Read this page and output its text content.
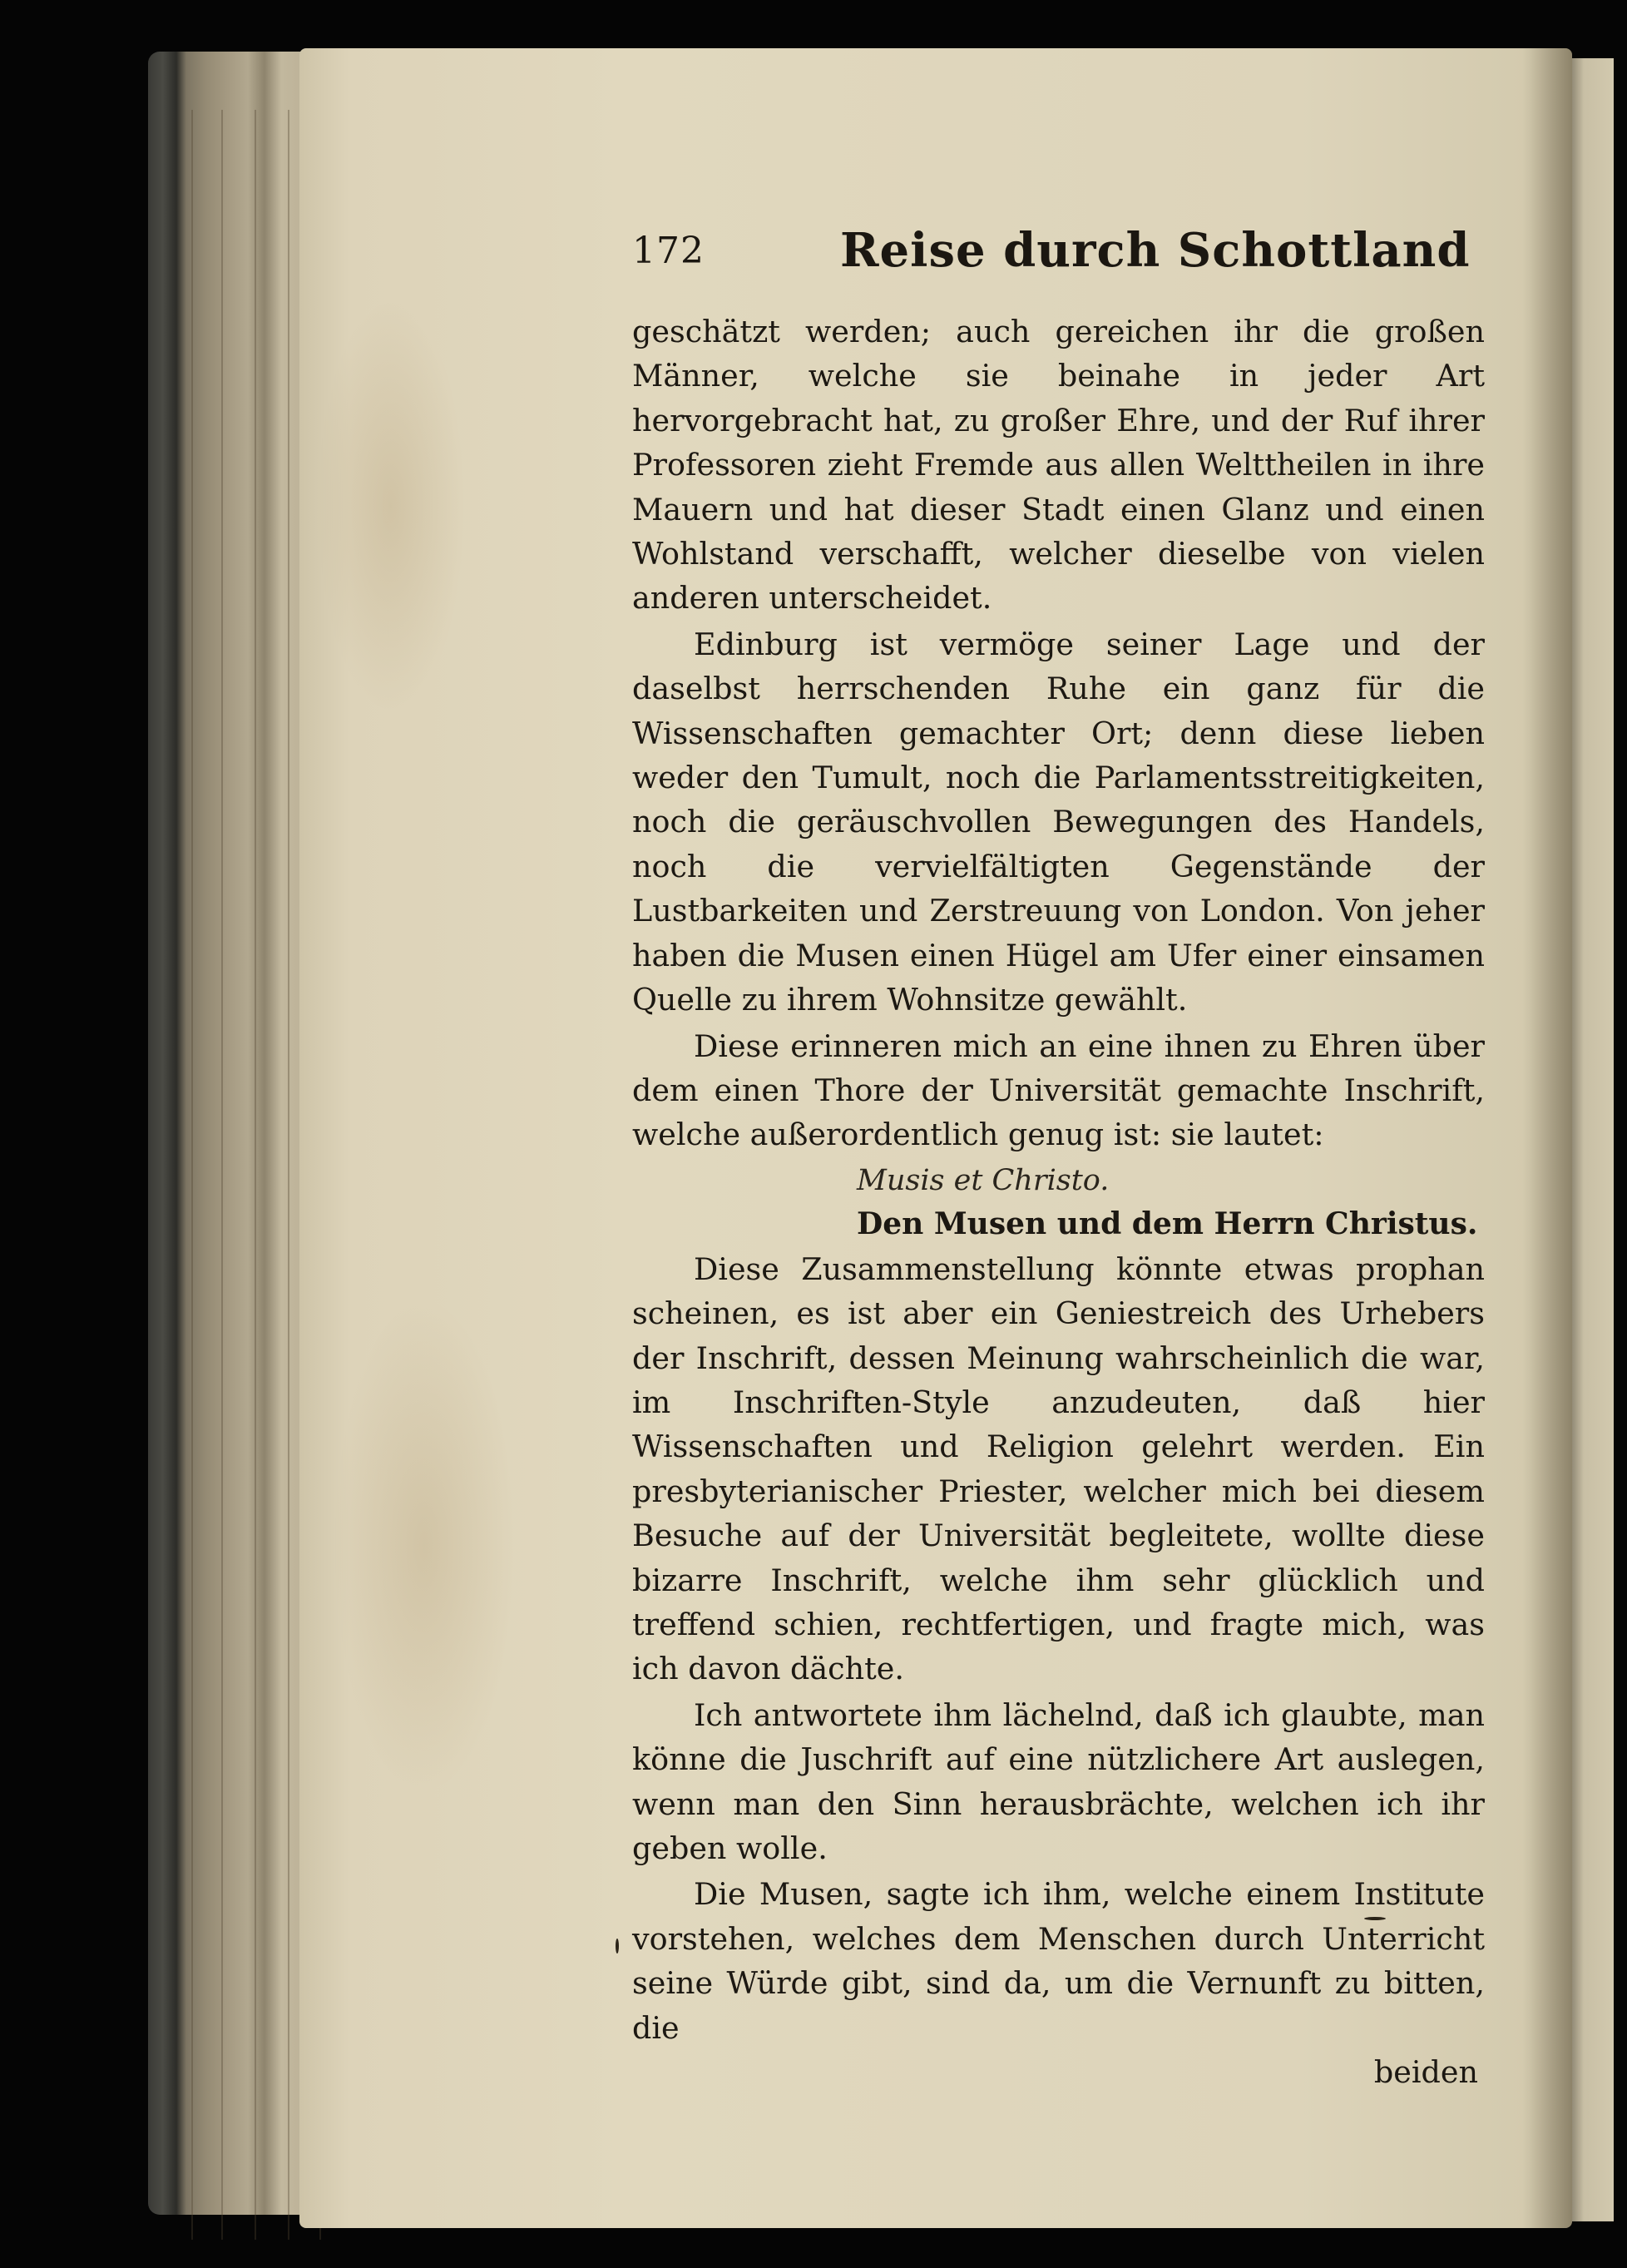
172	Reise durch Schottland

geschätzt werden; auch gereichen ihr die großen Männer, welche sie beinahe in jeder Art hervorgebracht hat, zu großer Ehre, und der Ruf ihrer Professoren zieht Fremde aus allen Welttheilen in ihre Mauern und hat dieser Stadt einen Glanz und einen Wohlstand verschafft, welcher dieselbe von vielen anderen unterscheidet.

Edinburg ist vermöge seiner Lage und der daselbst herrschenden Ruhe ein ganz für die Wissenschaften gemachter Ort; denn diese lieben weder den Tumult, noch die Parlamentsstreitigkeiten, noch die geräuschvollen Bewegungen des Handels, noch die vervielfältigten Gegenstände der Lustbarkeiten und Zerstreuung von London. Von jeher haben die Musen einen Hügel am Ufer einer einsamen Quelle zu ihrem Wohnsitze gewählt.

Diese erinneren mich an eine ihnen zu Ehren über dem einen Thore der Universität gemachte Inschrift, welche außerordentlich genug ist: sie lautet:

Musis et Christo.
Den Musen und dem Herrn Christus.

Diese Zusammenstellung könnte etwas prophan scheinen, es ist aber ein Geniestreich des Urhebers der Inschrift, dessen Meinung wahrscheinlich die war, im Inschriften-Style anzudeuten, daß hier Wissenschaften und Religion gelehrt werden. Ein presbyterianischer Priester, welcher mich bei diesem Besuche auf der Universität begleitete, wollte diese bizarre Inschrift, welche ihm sehr glücklich und treffend schien, rechtfertigen, und fragte mich, was ich davon dächte.

Ich antwortete ihm lächelnd, daß ich glaubte, man könne die Juschrift auf eine nützlichere Art auslegen, wenn man den Sinn herausbrächte, welchen ich ihr geben wolle.

Die Musen, sagte ich ihm, welche einem Institute vorstehen, welches dem Menschen durch Unterricht seine Würde gibt, sind da, um die Vernunft zu bitten, die

beiden
